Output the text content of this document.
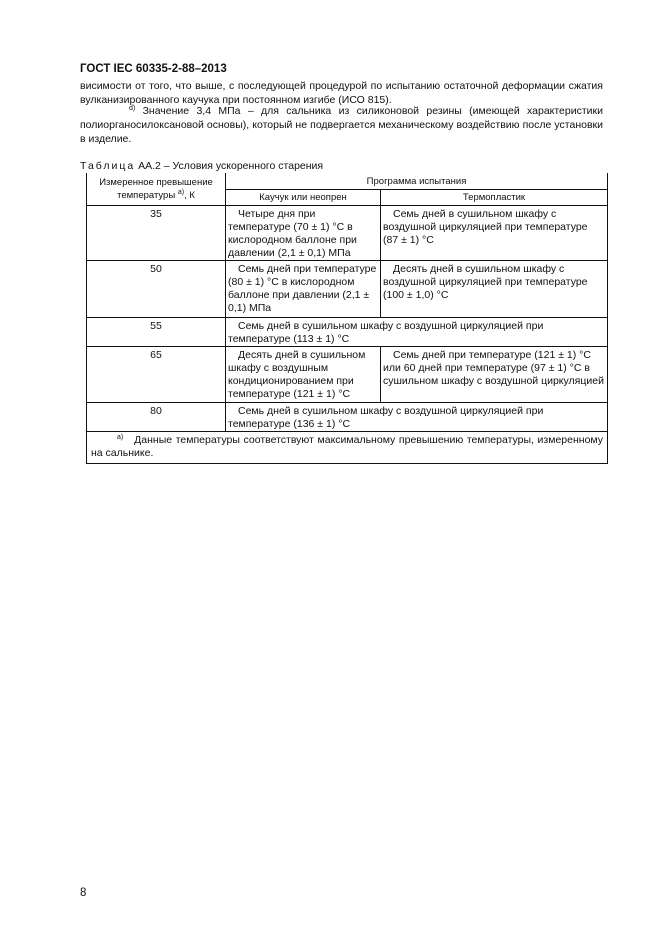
ГОСТ IEC 60335-2-88–2013
висимости от того, что выше, с последующей процедурой по испытанию остаточной деформации сжатия вулканизированного каучука при постоянном изгибе (ИСО 815).
$^{d)}$ Значение 3,4 МПа – для сальника из силиконовой резины (имеющей характеристики полиорганосилоксановой основы), который не подвергается механическому воздействию после установки в изделие.
Таблица АА.2 – Условия ускоренного старения
Измеренное превышение температуры $^{a)}$, К	Программа испытания	
	Каучук или неопрен	Термопластик
35	Четыре дня при температуре (70 ± 1) °С в кислородном баллоне при давлении (2,1 ± 0,1) МПа	Семь дней в сушильном шкафу с воздушной циркуляцией при температуре (87 ± 1) °С
50	Семь дней при температуре (80 ± 1) °С в кислородном баллоне при давлении (2,1 ± 0,1) МПа	Десять дней в сушильном шкафу с воздушной циркуляцией при температуре (100 ± 1,0) °С
55	Семь дней в сушильном шкафу с воздушной циркуляцией при температуре (113 ± 1) °С	
65	Десять дней в сушильном шкафу с воздушным кондиционированием при температуре (121 ± 1) °С	Семь дней при температуре (121 ± 1) °С или 60 дней при температуре (97 ± 1) °С в сушильном шкафу с воздушной циркуляцией
80	Семь дней в сушильном шкафу с воздушной циркуляцией при температуре (136 ± 1) °С	
$^{a)}$ Данные температуры соответствуют максимальному превышению температуры, измеренному на сальнике.		
8
